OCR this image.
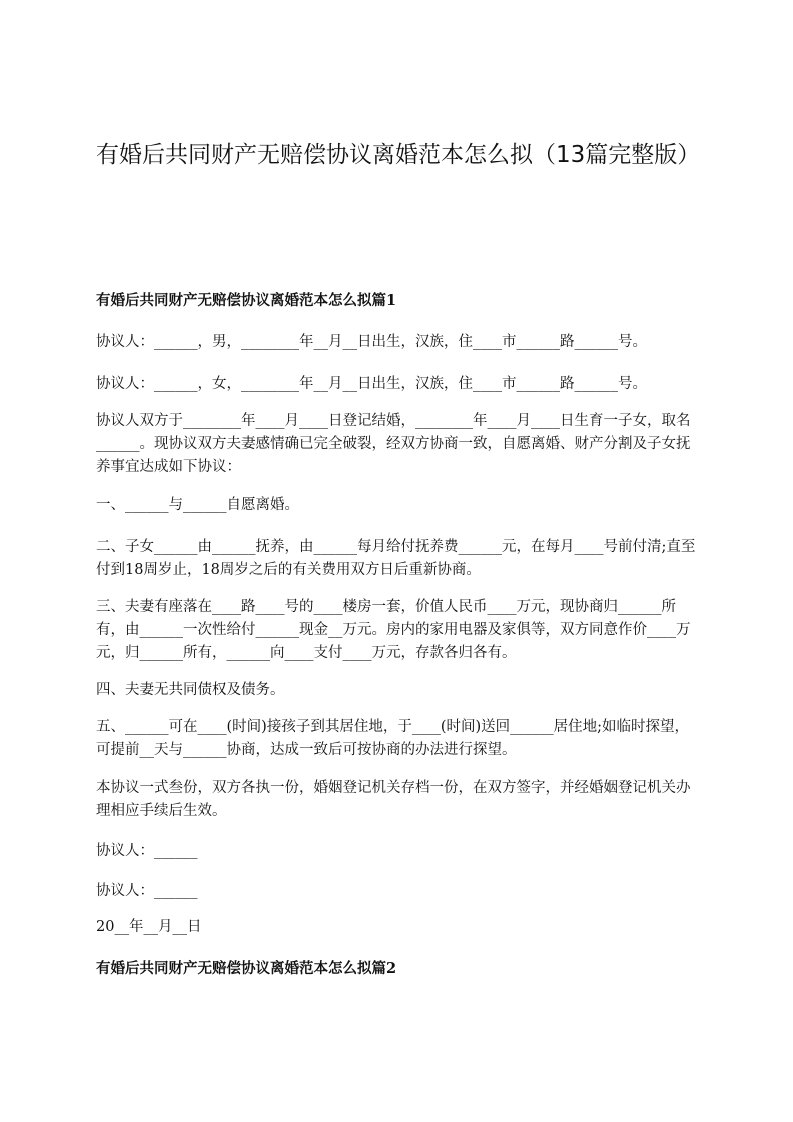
有婚后共同财产无赔偿协议离婚范本怎么拟（13篇完整版）

有婚后共同财产无赔偿协议离婚范本怎么拟篇1

协议人：______，男，________年__月__日出生，汉族，住____市______路______号。

协议人：______，女，________年__月__日出生，汉族，住____市______路______号。

协议人双方于________年____月____日登记结婚，________年____月____日生育一子女，取名______。现协议双方夫妻感情确已完全破裂，经双方协商一致，自愿离婚、财产分割及子女抚养事宜达成如下协议：

一、______与______自愿离婚。

二、子女______由______抚养，由______每月给付抚养费______元，在每月____号前付清;直至付到18周岁止，18周岁之后的有关费用双方日后重新协商。

三、夫妻有座落在____路____号的____楼房一套，价值人民币____万元，现协商归______所有，由______一次性给付______现金__万元。房内的家用电器及家俱等，双方同意作价____万元，归______所有，______向____支付____万元，存款各归各有。

四、夫妻无共同债权及债务。

五、______可在____(时间)接孩子到其居住地，于____(时间)送回______居住地;如临时探望，可提前__天与______协商，达成一致后可按协商的办法进行探望。

本协议一式叁份，双方各执一份，婚姻登记机关存档一份，在双方签字，并经婚姻登记机关办理相应手续后生效。

协议人：______

协议人：______

20__年__月__日

有婚后共同财产无赔偿协议离婚范本怎么拟篇2
